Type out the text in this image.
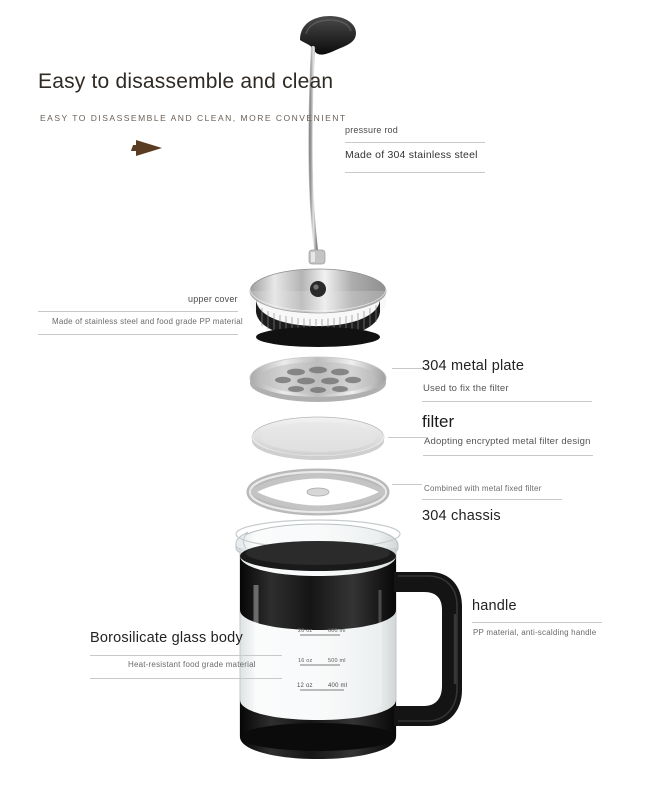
Easy to disassemble and clean
EASY TO DISASSEMBLE AND CLEAN, MORE CONVENIENT
pressure rod
Made of 304 stainless steel
upper cover
Made of stainless steel and food grade PP material
304 metal plate
Used to fix the filter
filter
Adopting encrypted metal filter design
Combined with metal fixed filter
304 chassis
handle
PP material, anti-scalding handle
Borosilicate glass body
Heat-resistant food grade material
20 oz	600 ml
16 oz	500 ml
12 oz	400 ml
